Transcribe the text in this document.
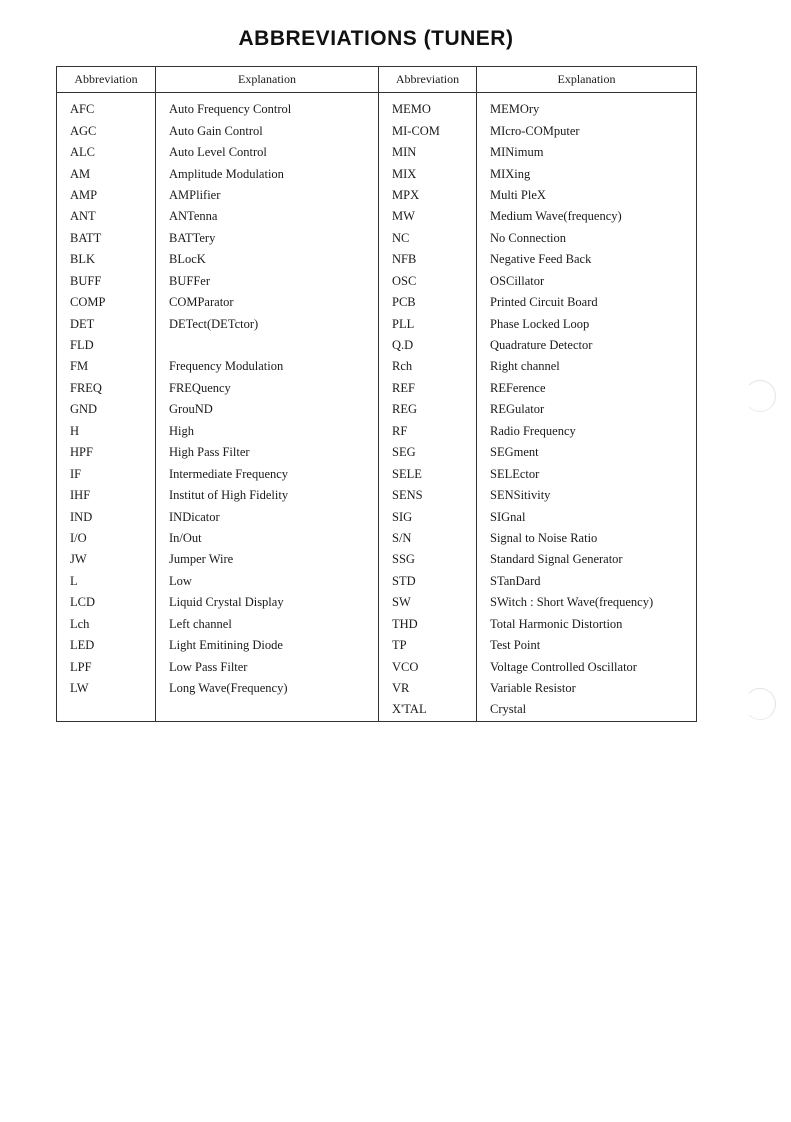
ABBREVIATIONS (TUNER)
Abbreviation	Explanation	Abbreviation	Explanation
AFC	Auto Frequency Control	MEMO	MEMOry
AGC	Auto Gain Control	MI-COM	MIcro-COMputer
ALC	Auto Level Control	MIN	MINimum
AM	Amplitude Modulation	MIX	MIXing
AMP	AMPlifier	MPX	Multi PleX
ANT	ANTenna	MW	Medium Wave(frequency)
BATT	BATTery	NC	No Connection
BLK	BLocK	NFB	Negative Feed Back
BUFF	BUFFer	OSC	OSCillator
COMP	COMParator	PCB	Printed Circuit Board
DET	DETect(DETctor)	PLL	Phase Locked Loop
FLD		Q.D	Quadrature Detector
FM	Frequency Modulation	Rch	Right channel
FREQ	FREQuency	REF	REFerence
GND	GrouND	REG	REGulator
H	High	RF	Radio Frequency
HPF	High Pass Filter	SEG	SEGment
IF	Intermediate Frequency	SELE	SELEctor
IHF	Institut of High Fidelity	SENS	SENSitivity
IND	INDicator	SIG	SIGnal
I/O	In/Out	S/N	Signal to Noise Ratio
JW	Jumper Wire	SSG	Standard Signal Generator
L	Low	STD	STanDard
LCD	Liquid Crystal Display	SW	SWitch : Short Wave(frequency)
Lch	Left channel	THD	Total Harmonic Distortion
LED	Light Emitining Diode	TP	Test Point
LPF	Low Pass Filter	VCO	Voltage Controlled Oscillator
LW	Long Wave(Frequency)	VR	Variable Resistor
		X'TAL	Crystal
